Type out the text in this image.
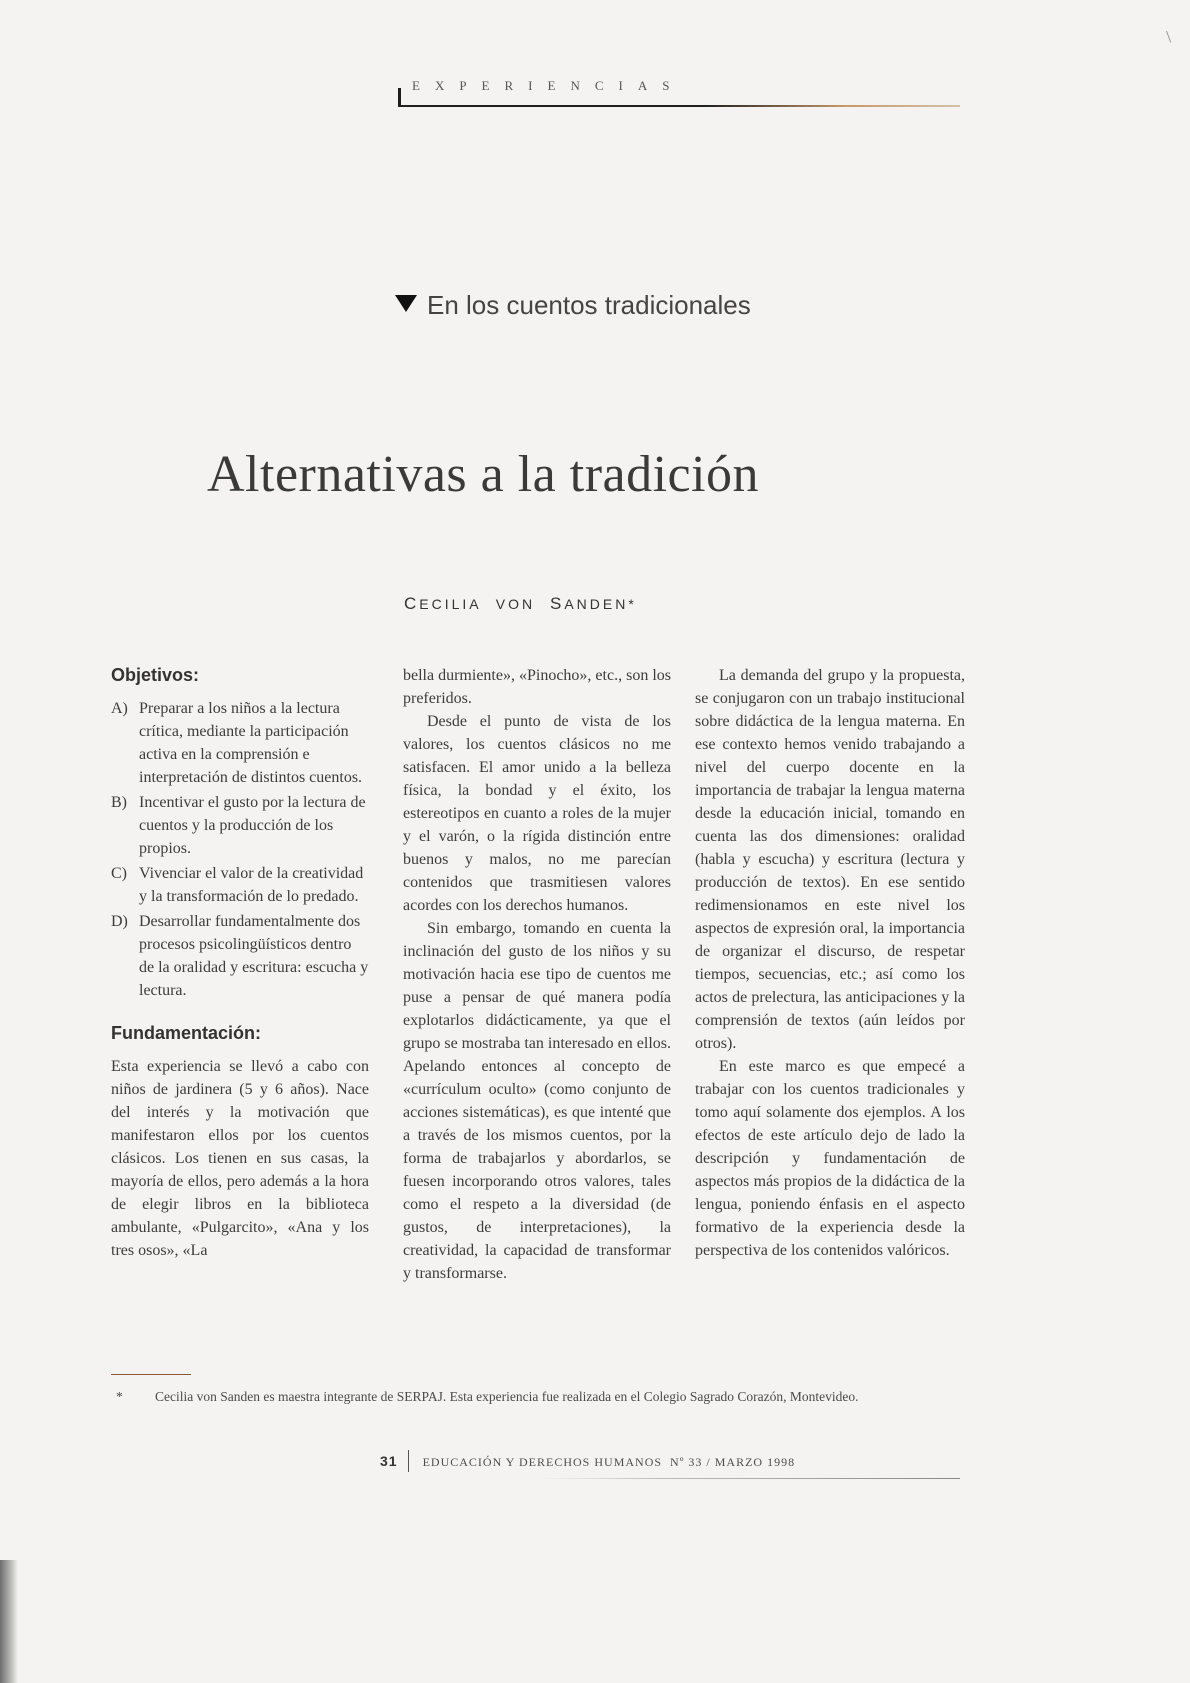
EXPERIENCIAS
En los cuentos tradicionales
Alternativas a la tradición
CECILIA VON SANDEN*
Objetivos:
A) Preparar a los niños a la lectura crítica, mediante la participación activa en la comprensión e interpretación de distintos cuentos.
B) Incentivar el gusto por la lectura de cuentos y la producción de los propios.
C) Vivenciar el valor de la creatividad y la transformación de lo predado.
D) Desarrollar fundamentalmente dos procesos psicolingüísticos dentro de la oralidad y escritura: escucha y lectura.
Fundamentación:

Esta experiencia se llevó a cabo con niños de jardinera (5 y 6 años). Nace del interés y la motivación que manifestaron ellos por los cuentos clásicos. Los tienen en sus casas, la mayoría de ellos, pero además a la hora de elegir libros en la biblioteca ambulante, «Pulgarcito», «Ana y los tres osos», «La

bella durmiente», «Pinocho», etc., son los preferidos.

Desde el punto de vista de los valores, los cuentos clásicos no me satisfacen. El amor unido a la belleza física, la bondad y el éxito, los estereotipos en cuanto a roles de la mujer y el varón, o la rígida distinción entre buenos y malos, no me parecían contenidos que trasmitiesen valores acordes con los derechos humanos.

Sin embargo, tomando en cuenta la inclinación del gusto de los niños y su motivación hacia ese tipo de cuentos me puse a pensar de qué manera podía explotarlos didácticamente, ya que el grupo se mostraba tan interesado en ellos. Apelando entonces al concepto de «currículum oculto» (como conjunto de acciones sistemáticas), es que intenté que a través de los mismos cuentos, por la forma de trabajarlos y abordarlos, se fuesen incorporando otros valores, tales como el respeto a la diversidad (de gustos, de interpretaciones), la creatividad, la capacidad de transformar y transformarse.

La demanda del grupo y la propuesta, se conjugaron con un trabajo institucional sobre didáctica de la lengua materna. En ese contexto hemos venido trabajando a nivel del cuerpo docente en la importancia de trabajar la lengua materna desde la educación inicial, tomando en cuenta las dos dimensiones: oralidad (habla y escucha) y escritura (lectura y producción de textos). En ese sentido redimensionamos en este nivel los aspectos de expresión oral, la importancia de organizar el discurso, de respetar tiempos, secuencias, etc.; así como los actos de prelectura, las anticipaciones y la comprensión de textos (aún leídos por otros).

En este marco es que empecé a trabajar con los cuentos tradicionales y tomo aquí solamente dos ejemplos. A los efectos de este artículo dejo de lado la descripción y fundamentación de aspectos más propios de la didáctica de la lengua, poniendo énfasis en el aspecto formativo de la experiencia desde la perspectiva de los contenidos valóricos.

* Cecilia von Sanden es maestra integrante de SERPAJ. Esta experiencia fue realizada en el Colegio Sagrado Corazón, Montevideo.
31 EDUCACIÓN Y DERECHOS HUMANOS Nº 33 / MARZO 1998
